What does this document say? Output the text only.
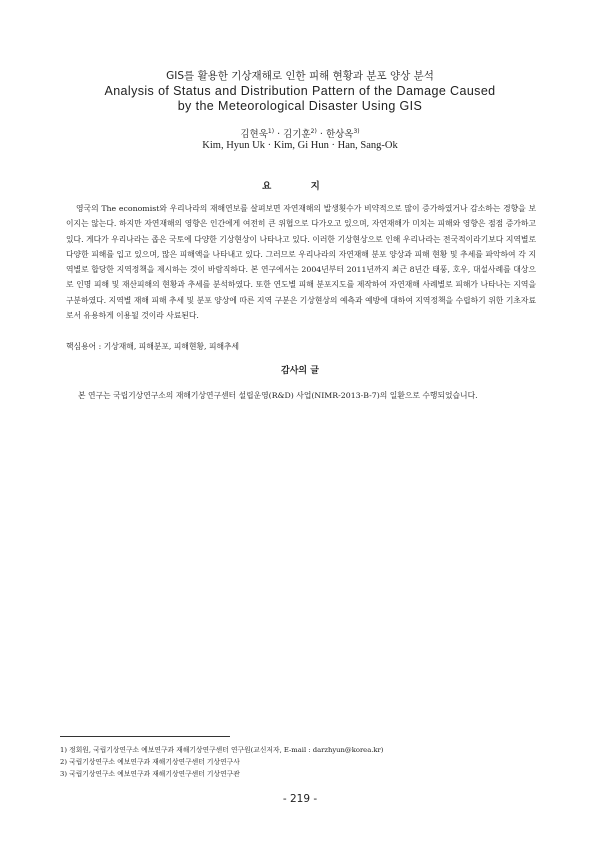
GIS를 활용한 기상재해로 인한 피해 현황과 분포 양상 분석
Analysis of Status and Distribution Pattern of the Damage Caused
by the Meteorological Disaster Using GIS
김현욱$^{1)}$ · 김기훈$^{2)}$ · 한상옥$^{3)}$
Kim, Hyun Uk · Kim, Gi Hun · Han, Sang-Ok
요 지

영국의 The economist와 우리나라의 재해연보를 살펴보면 자연재해의 발생횟수가 비약적으로 많이 증가하였거나 감소하는 경향을 보이지는 않는다. 하지만 자연재해의 영향은 인간에게 여전히 큰 위협으로 다가오고 있으며, 자연재해가 미치는 피해와 영향은 점점 증가하고 있다. 게다가 우리나라는 좁은 국토에 다양한 기상현상이 나타나고 있다. 이러한 기상현상으로 인해 우리나라는 전국적이라기보다 지역별로 다양한 피해를 입고 있으며, 많은 피해액을 나타내고 있다. 그러므로 우리나라의 자연재해 분포 양상과 피해 현황 및 추세를 파악하여 각 지역별로 합당한 지역정책을 제시하는 것이 바람직하다. 본 연구에서는 2004년부터 2011년까지 최근 8년간 태풍, 호우, 대설사례를 대상으로 인명 피해 및 재산피해의 현황과 추세를 분석하였다. 또한 연도별 피해 분포지도를 제작하여 자연재해 사례별로 피해가 나타나는 지역을 구분하였다. 지역별 재해 피해 추세 및 분포 양상에 따른 지역 구분은 기상현상의 예측과 예방에 대하여 지역정책을 수립하기 위한 기초자료로서 유용하게 이용될 것이라 사료된다.

핵심용어 : 기상재해, 피해분포, 피해현황, 피해추세
감사의 글
본 연구는 국립기상연구소의 재해기상연구센터 설립운영(R&D) 사업(NIMR-2013-B-7)의 일환으로 수행되었습니다.
1) 정회원, 국립기상연구소 예보연구과 재해기상연구센터 연구원(교신저자, E-mail : darzhyun@korea.kr)
2) 국립기상연구소 예보연구과 재해기상연구센터 기상연구사
3) 국립기상연구소 예보연구과 재해기상연구센터 기상연구관
- 219 -
